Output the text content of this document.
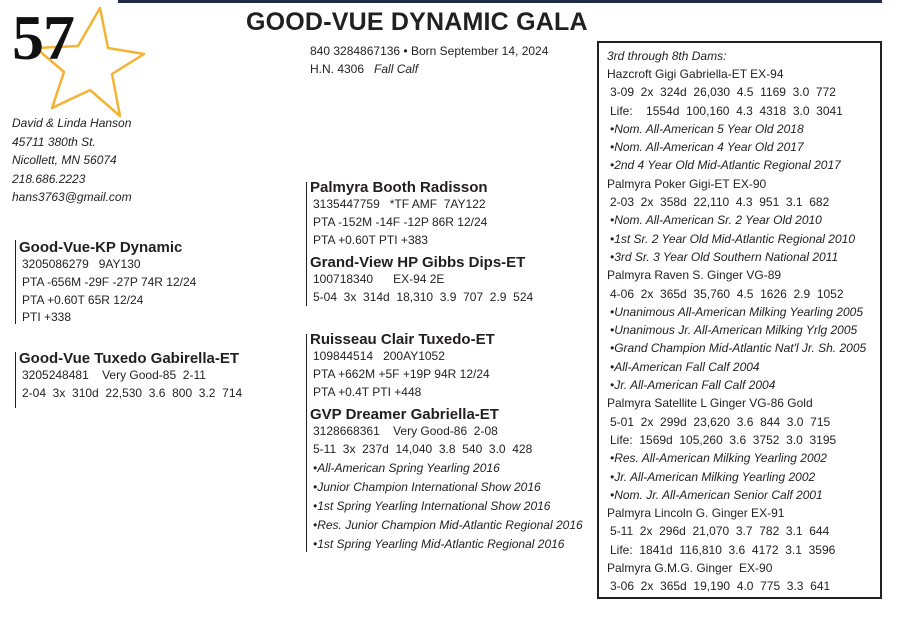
57	GOOD-VUE DYNAMIC GALA
David & Linda Hanson
45711 380th St.
Nicollett, MN 56074
218.686.2223
hans3763@gmail.com
840 3284867136 • Born September 14, 2024
H.N. 4306 Fall Calf
Good-Vue-KP Dynamic
3205086279   9AY130
PTA -656M -29F -27P 74R 12/24
PTA +0.60T 65R 12/24
PTI +338
Good-Vue Tuxedo Gabirella-ET
3205248481    Very Good-85  2-11
2-04  3x  310d  22,530  3.6  800  3.2  714
Palmyra Booth Radisson
3135447759   *TF AMF  7AY122
PTA -152M -14F -12P 86R 12/24
PTA +0.60T PTI +383
Grand-View HP Gibbs Dips-ET
100718340      EX-94 2E
5-04  3x  314d  18,310  3.9  707  2.9  524
Ruisseau Clair Tuxedo-ET
109844514   200AY1052
PTA +662M +5F +19P 94R 12/24
PTA +0.4T PTI +448
GVP Dreamer Gabriella-ET
3128668361    Very Good-86  2-08
5-11  3x  237d  14,040  3.8  540  3.0  428
•All-American Spring Yearling 2016
•Junior Champion International Show 2016
•1st Spring Yearling International Show 2016
•Res. Junior Champion Mid-Atlantic Regional 2016
•1st Spring Yearling Mid-Atlantic Regional 2016
3rd through 8th Dams:
Hazcroft Gigi Gabriella-ET EX-94
3-09  2x  324d  26,030  4.5  1169  3.0  772
Life:    1554d  100,160  4.3  4318  3.0  3041
•Nom. All-American 5 Year Old 2018
•Nom. All-American 4 Year Old 2017
•2nd 4 Year Old Mid-Atlantic Regional 2017
Palmyra Poker Gigi-ET EX-90
2-03  2x  358d  22,110  4.3  951  3.1  682
•Nom. All-American Sr. 2 Year Old 2010
•1st Sr. 2 Year Old Mid-Atlantic Regional 2010
•3rd Sr. 3 Year Old Southern National 2011
Palmyra Raven S. Ginger VG-89
4-06  2x  365d  35,760  4.5  1626  2.9  1052
•Unanimous All-American Milking Yearling 2005
•Unanimous Jr. All-American Milking Yrlg 2005
•Grand Champion Mid-Atlantic Nat'l Jr. Sh. 2005
•All-American Fall Calf 2004
•Jr. All-American Fall Calf 2004
Palmyra Satellite L Ginger VG-86 Gold
5-01  2x  299d  23,620  3.6  844  3.0  715
Life:  1569d  105,260  3.6  3752  3.0  3195
•Res. All-American Milking Yearling 2002
•Jr. All-American Milking Yearling 2002
•Nom. Jr. All-American Senior Calf 2001
Palmyra Lincoln G. Ginger EX-91
5-11  2x  296d  21,070  3.7  782  3.1  644
Life:  1841d  116,810  3.6  4172  3.1  3596
Palmyra G.M.G. Ginger  EX-90
3-06  2x  365d  19,190  4.0  775  3.3  641
